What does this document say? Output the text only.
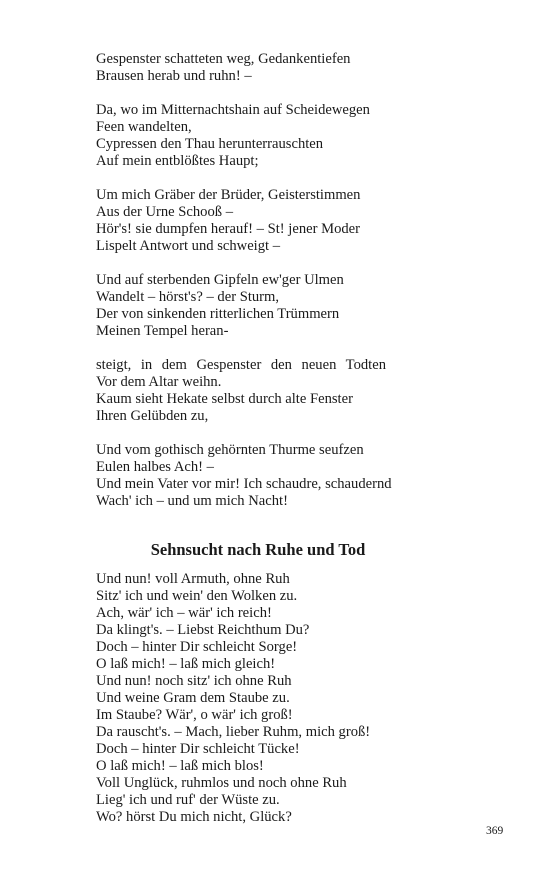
Gespenster schatteten weg, Gedankentiefen
Brausen herab und ruhn! –
Da, wo im Mitternachtshain auf Scheidewegen
Feen wandelten,
Cypressen den Thau herunterrauschten
Auf mein entblößtes Haupt;
Um mich Gräber der Brüder, Geisterstimmen
Aus der Urne Schooß –
Hör's! sie dumpfen herauf! – St! jener Moder
Lispelt Antwort und schweigt –
Und auf sterbenden Gipfeln ew'ger Ulmen
Wandelt – hörst's? – der Sturm,
Der von sinkenden ritterlichen Trümmern
Meinen Tempel heran-
steigt, in dem Gespenster den neuen Todten
Vor dem Altar weihn.
Kaum sieht Hekate selbst durch alte Fenster
Ihren Gelübden zu,
Und vom gothisch gehörnten Thurme seufzen
Eulen halbes Ach! –
Und mein Vater vor mir! Ich schaudre, schaudernd
Wach' ich – und um mich Nacht!
Sehnsucht nach Ruhe und Tod
Und nun! voll Armuth, ohne Ruh
Sitz' ich und wein' den Wolken zu.
Ach, wär' ich – wär' ich reich!
Da klingt's. – Liebst Reichthum Du?
Doch – hinter Dir schleicht Sorge!
O laß mich! – laß mich gleich!
Und nun! noch sitz' ich ohne Ruh
Und weine Gram dem Staube zu.
Im Staube? Wär', o wär' ich groß!
Da rauscht's. – Mach, lieber Ruhm, mich groß!
Doch – hinter Dir schleicht Tücke!
O laß mich! – laß mich blos!
Voll Unglück, ruhmlos und noch ohne Ruh
Lieg' ich und ruf' der Wüste zu.
Wo? hörst Du mich nicht, Glück?
369
